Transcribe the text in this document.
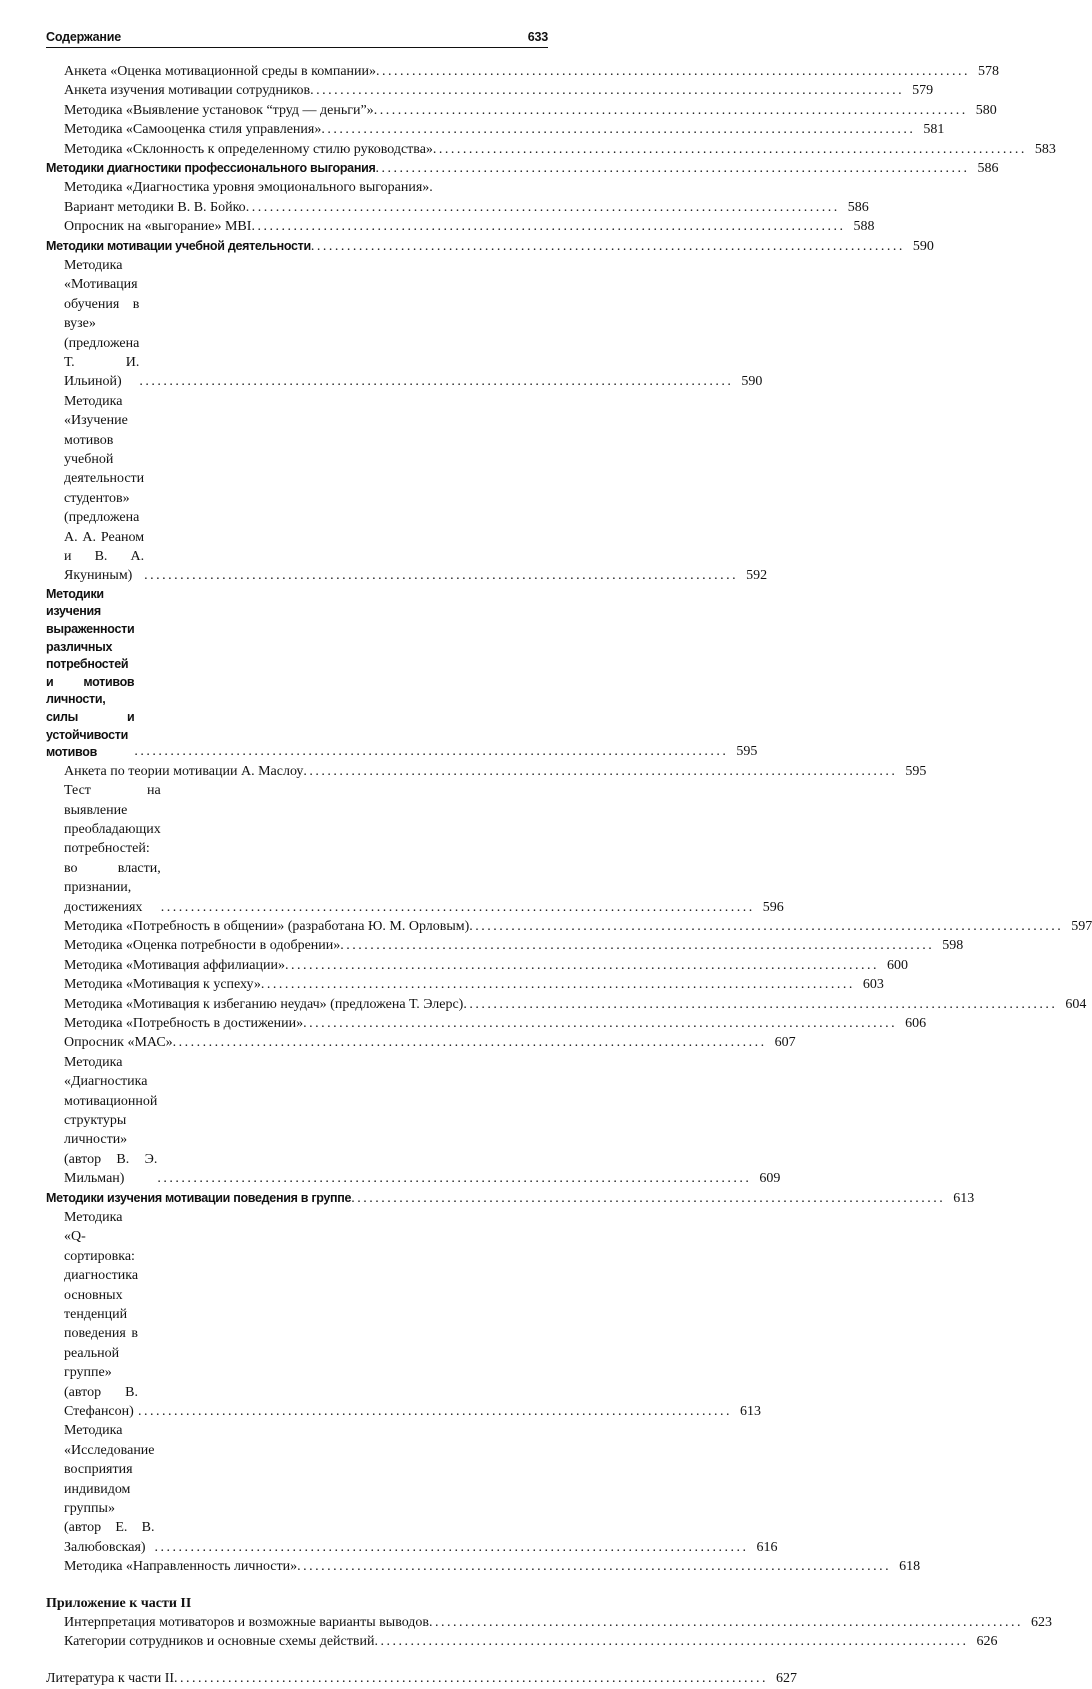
Содержание	633
Анкета «Оценка мотивационной среды в компании» . . .	578
Анкета изучения мотивации сотрудников . . .	579
Методика «Выявление установок “труд — деньги”» . . .	580
Методика «Самооценка стиля управления» . . .	581
Методика «Склонность к определенному стилю руководства» . . .	583
Методики диагностики профессионального выгорания . . .	586
Методика «Диагностика уровня эмоционального выгорания».
Вариант методики В. В. Бойко . . .	586
Опросник на «выгорание» MBI . . .	588
Методики мотивации учебной деятельности . . .	590
Методика «Мотивация обучения в вузе» (предложена Т. И. Ильиной) . . .	590
Методика «Изучение мотивов учебной деятельности студентов» (предложена А. А. Реаном и В. А. Якуниным) . . .	592
Методики изучения выраженности различных потребностей и мотивов личности, силы и устойчивости мотивов . . .	595
Анкета по теории мотивации А. Маслоу . . .	595
Тест на выявление преобладающих потребностей: во власти, признании, достижениях . . .	596
Методика «Потребность в общении» (разработана Ю. М. Орловым) . . .	597
Методика «Оценка потребности в одобрении» . . .	598
Методика «Мотивация аффилиации» . . .	600
Методика «Мотивация к успеху» . . .	603
Методика «Мотивация к избеганию неудач» (предложена Т. Элерс) . . .	604
Методика «Потребность в достижении» . . .	606
Опросник «МАС» . . .	607
Методика «Диагностика мотивационной структуры личности» (автор В. Э. Мильман) . . .	609
Методики изучения мотивации поведения в группе . . .	613
Методика «Q-сортировка: диагностика основных тенденций поведения в реальной группе» (автор В. Стефансон) . . .	613
Методика «Исследование восприятия индивидом группы» (автор Е. В. Залюбовская) . . .	616
Методика «Направленность личности» . . .	618
Приложение к части II
Интерпретация мотиваторов и возможные варианты выводов . . .	623
Категории сотрудников и основные схемы действий . . .	626
Литература к части II . . .	627
